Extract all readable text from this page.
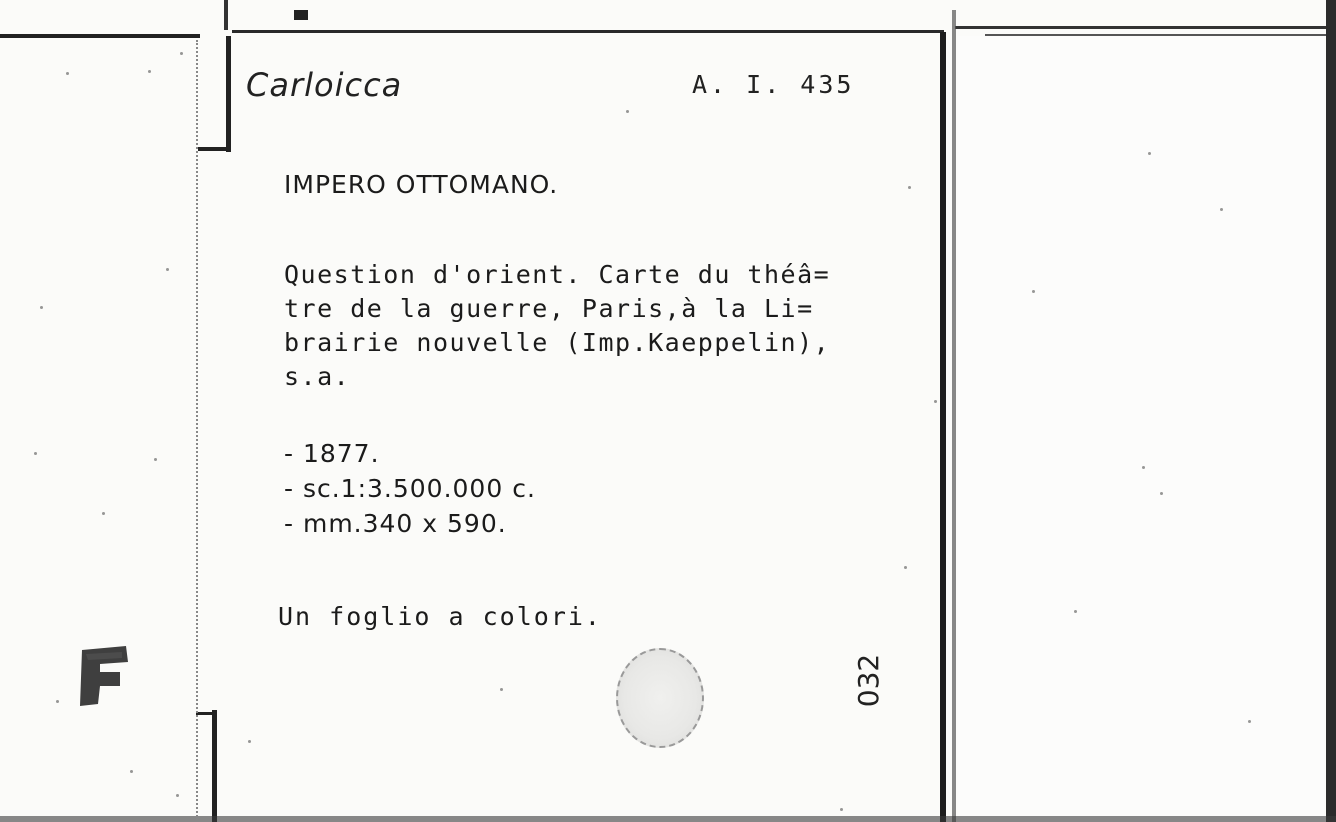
Carloicca	A. I. 435
IMPERO OTTOMANO.
Question d'orient. Carte du théâ=
tre de la guerre, Paris,à la Li=
brairie nouvelle (Imp.Kaeppelin),
s.a.
- 1877.
- sc.1:3.500.000 c.
- mm.340 x 590.
Un foglio a colori.
032
